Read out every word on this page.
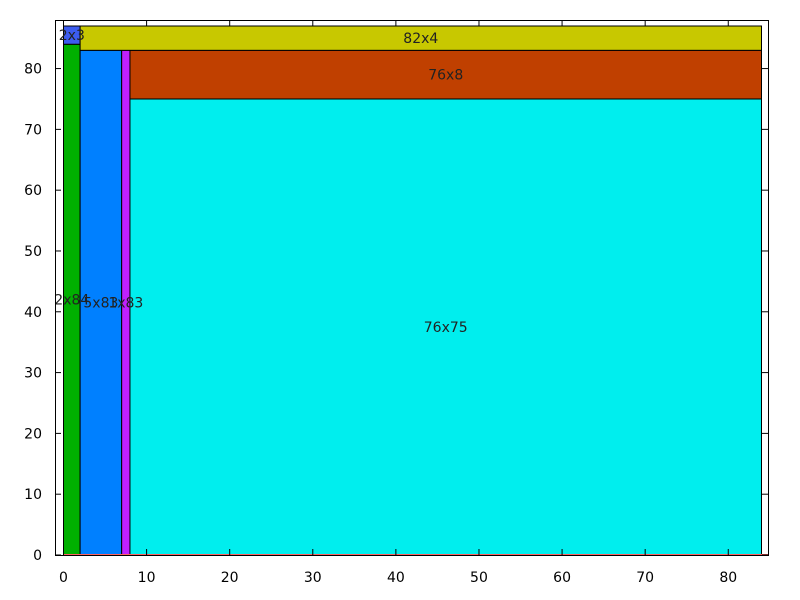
2x84
2x3
5x83
1x83
76x75
76x8
82x4
0	10	20	30	40	50	60	70	80
0
10
20
30
40
50
60
70
80
